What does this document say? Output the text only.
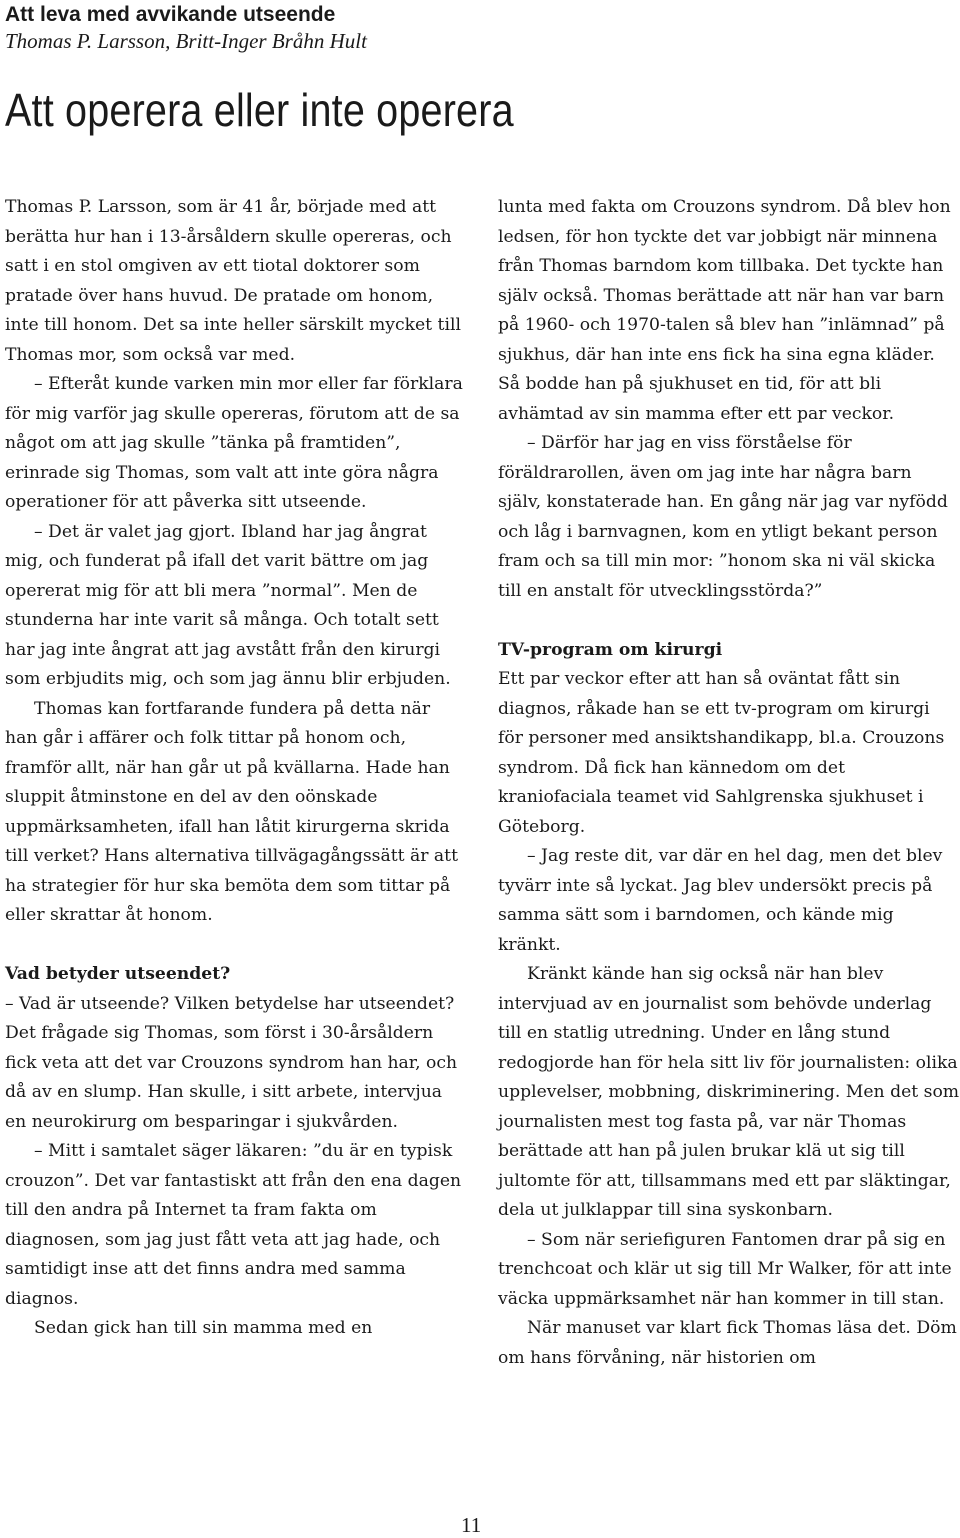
Att leva med avvikande utseende

Thomas P. Larsson, Britt-Inger Bråhn Hult

Att operera eller inte operera

Thomas P. Larsson, som är 41 år, började med att berätta hur han i 13-årsåldern skulle opereras, och satt i en stol omgiven av ett tiotal doktorer som pratade över hans huvud. De pratade om honom, inte till honom. Det sa inte heller särskilt mycket till Thomas mor, som också var med.

– Efteråt kunde varken min mor eller far förklara för mig varför jag skulle opereras, förutom att de sa något om att jag skulle ”tänka på framtiden”, erinrade sig Thomas, som valt att inte göra några operationer för att påverka sitt utseende.

– Det är valet jag gjort. Ibland har jag ångrat mig, och funderat på ifall det varit bättre om jag opererat mig för att bli mera ”normal”. Men de stunderna har inte varit så många. Och totalt sett har jag inte ångrat att jag avstått från den kirurgi som erbjudits mig, och som jag ännu blir erbjuden.

Thomas kan fortfarande fundera på detta när han går i affärer och folk tittar på honom och, framför allt, när han går ut på kvällarna. Hade han sluppit åtminstone en del av den oönskade uppmärksamheten, ifall han låtit kirurgerna skrida till verket? Hans alternativa tillvägagångssätt är att ha strategier för hur ska bemöta dem som tittar på eller skrattar åt honom.

Vad betyder utseendet?

– Vad är utseende? Vilken betydelse har utseendet? Det frågade sig Thomas, som först i 30-årsåldern fick veta att det var Crouzons syndrom han har, och då av en slump. Han skulle, i sitt arbete, intervjua en neurokirurg om besparingar i sjukvården.

– Mitt i samtalet säger läkaren: ”du är en typisk crouzon”. Det var fantastiskt att från den ena dagen till den andra på Internet ta fram fakta om diagnosen, som jag just fått veta att jag hade, och samtidigt inse att det finns andra med samma diagnos.

Sedan gick han till sin mamma med en

lunta med fakta om Crouzons syndrom. Då blev hon ledsen, för hon tyckte det var jobbigt när minnena från Thomas barndom kom tillbaka. Det tyckte han själv också. Thomas berättade att när han var barn på 1960- och 1970-talen så blev han ”inlämnad” på sjukhus, där han inte ens fick ha sina egna kläder. Så bodde han på sjukhuset en tid, för att bli avhämtad av sin mamma efter ett par veckor.

– Därför har jag en viss förståelse för föräldrarollen, även om jag inte har några barn själv, konstaterade han. En gång när jag var nyfödd och låg i barnvagnen, kom en ytligt bekant person fram och sa till min mor: ”honom ska ni väl skicka till en anstalt för utvecklingsstörda?”

TV-program om kirurgi

Ett par veckor efter att han så oväntat fått sin diagnos, råkade han se ett tv-program om kirurgi för personer med ansiktshandikapp, bl.a. Crouzons syndrom. Då fick han kännedom om det kraniofaciala teamet vid Sahlgrenska sjukhuset i Göteborg.

– Jag reste dit, var där en hel dag, men det blev tyvärr inte så lyckat. Jag blev undersökt precis på samma sätt som i barndomen, och kände mig kränkt.

Kränkt kände han sig också när han blev intervjuad av en journalist som behövde underlag till en statlig utredning. Under en lång stund redogjorde han för hela sitt liv för journalisten: olika upplevelser, mobbning, diskriminering. Men det som journalisten mest tog fasta på, var när Thomas berättade att han på julen brukar klä ut sig till jultomte för att, tillsammans med ett par släktingar, dela ut julklappar till sina syskonbarn.

– Som när seriefiguren Fantomen drar på sig en trenchcoat och klär ut sig till Mr Walker, för att inte väcka uppmärksamhet när han kommer in till stan.

När manuset var klart fick Thomas läsa det. Döm om hans förvåning, när historien om

11
